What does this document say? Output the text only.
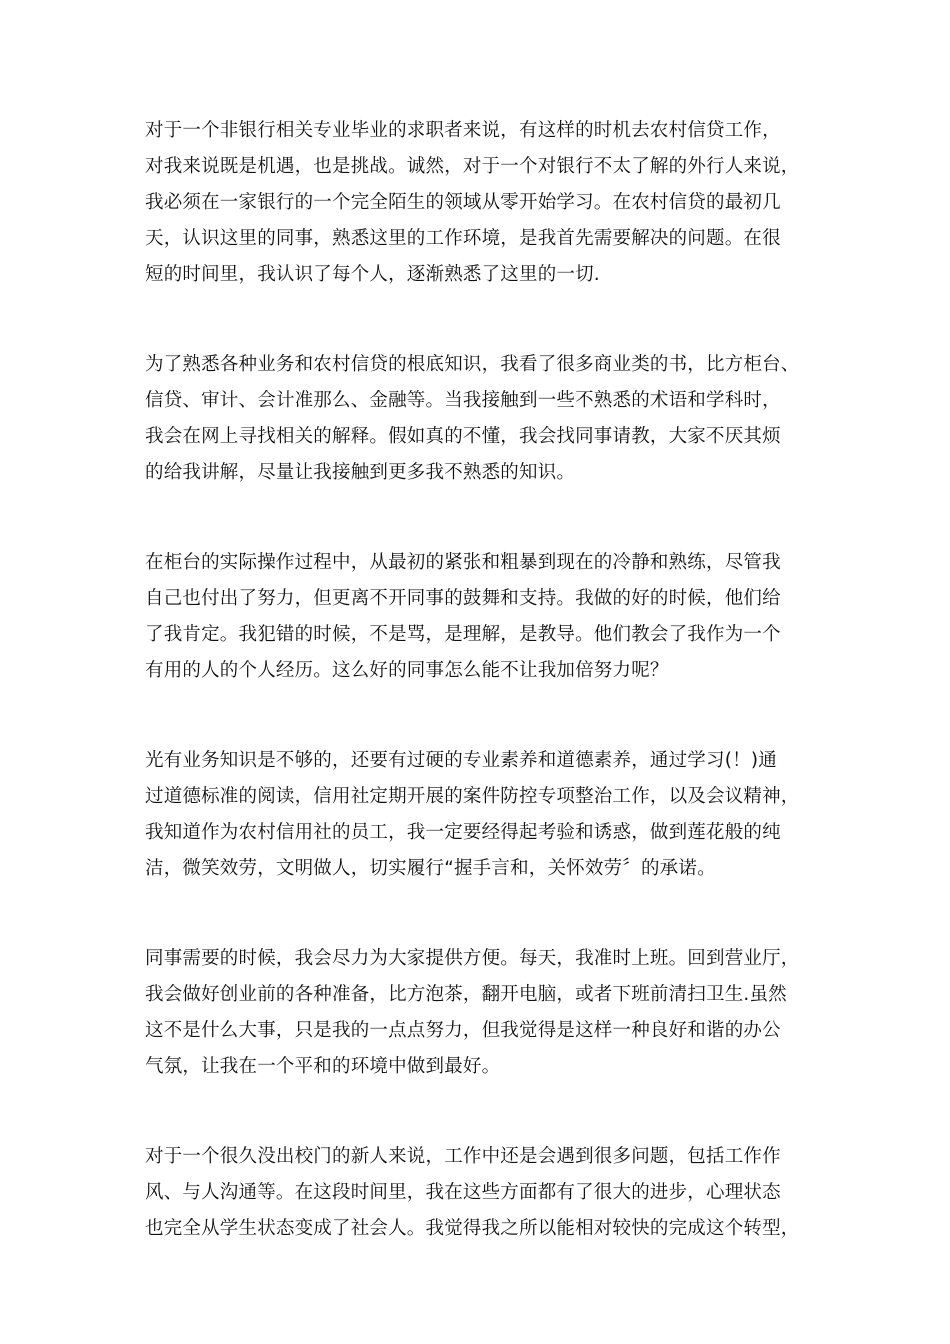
对于一个非银行相关专业毕业的求职者来说，有这样的时机去农村信贷工作，
对我来说既是机遇，也是挑战。诚然，对于一个对银行不太了解的外行人来说，
我必须在一家银行的一个完全陌生的领域从零开始学习。在农村信贷的最初几
天，认识这里的同事，熟悉这里的工作环境，是我首先需要解决的问题。在很
短的时间里，我认识了每个人，逐渐熟悉了这里的一切.
为了熟悉各种业务和农村信贷的根底知识，我看了很多商业类的书，比方柜台、
信贷、审计、会计准那么、金融等。当我接触到一些不熟悉的术语和学科时，
我会在网上寻找相关的解释。假如真的不懂，我会找同事请教，大家不厌其烦
的给我讲解，尽量让我接触到更多我不熟悉的知识。
在柜台的实际操作过程中，从最初的紧张和粗暴到现在的冷静和熟练，尽管我
自己也付出了努力，但更离不开同事的鼓舞和支持。我做的好的时候，他们给
了我肯定。我犯错的时候，不是骂，是理解，是教导。他们教会了我作为一个
有用的人的个人经历。这么好的同事怎么能不让我加倍努力呢？
光有业务知识是不够的，还要有过硬的专业素养和道德素养，通过学习(！)通
过道德标准的阅读，信用社定期开展的案件防控专项整治工作，以及会议精神，
我知道作为农村信用社的员工，我一定要经得起考验和诱惑，做到莲花般的纯
洁，微笑效劳，文明做人，切实履行“握手言和，关怀效劳〞的承诺。
同事需要的时候，我会尽力为大家提供方便。每天，我准时上班。回到营业厅，
我会做好创业前的各种准备，比方泡茶，翻开电脑，或者下班前清扫卫生.虽然
这不是什么大事，只是我的一点点努力，但我觉得是这样一种良好和谐的办公
气氛，让我在一个平和的环境中做到最好。
对于一个很久没出校门的新人来说，工作中还是会遇到很多问题，包括工作作
风、与人沟通等。在这段时间里，我在这些方面都有了很大的进步，心理状态
也完全从学生状态变成了社会人。我觉得我之所以能相对较快的完成这个转型，
